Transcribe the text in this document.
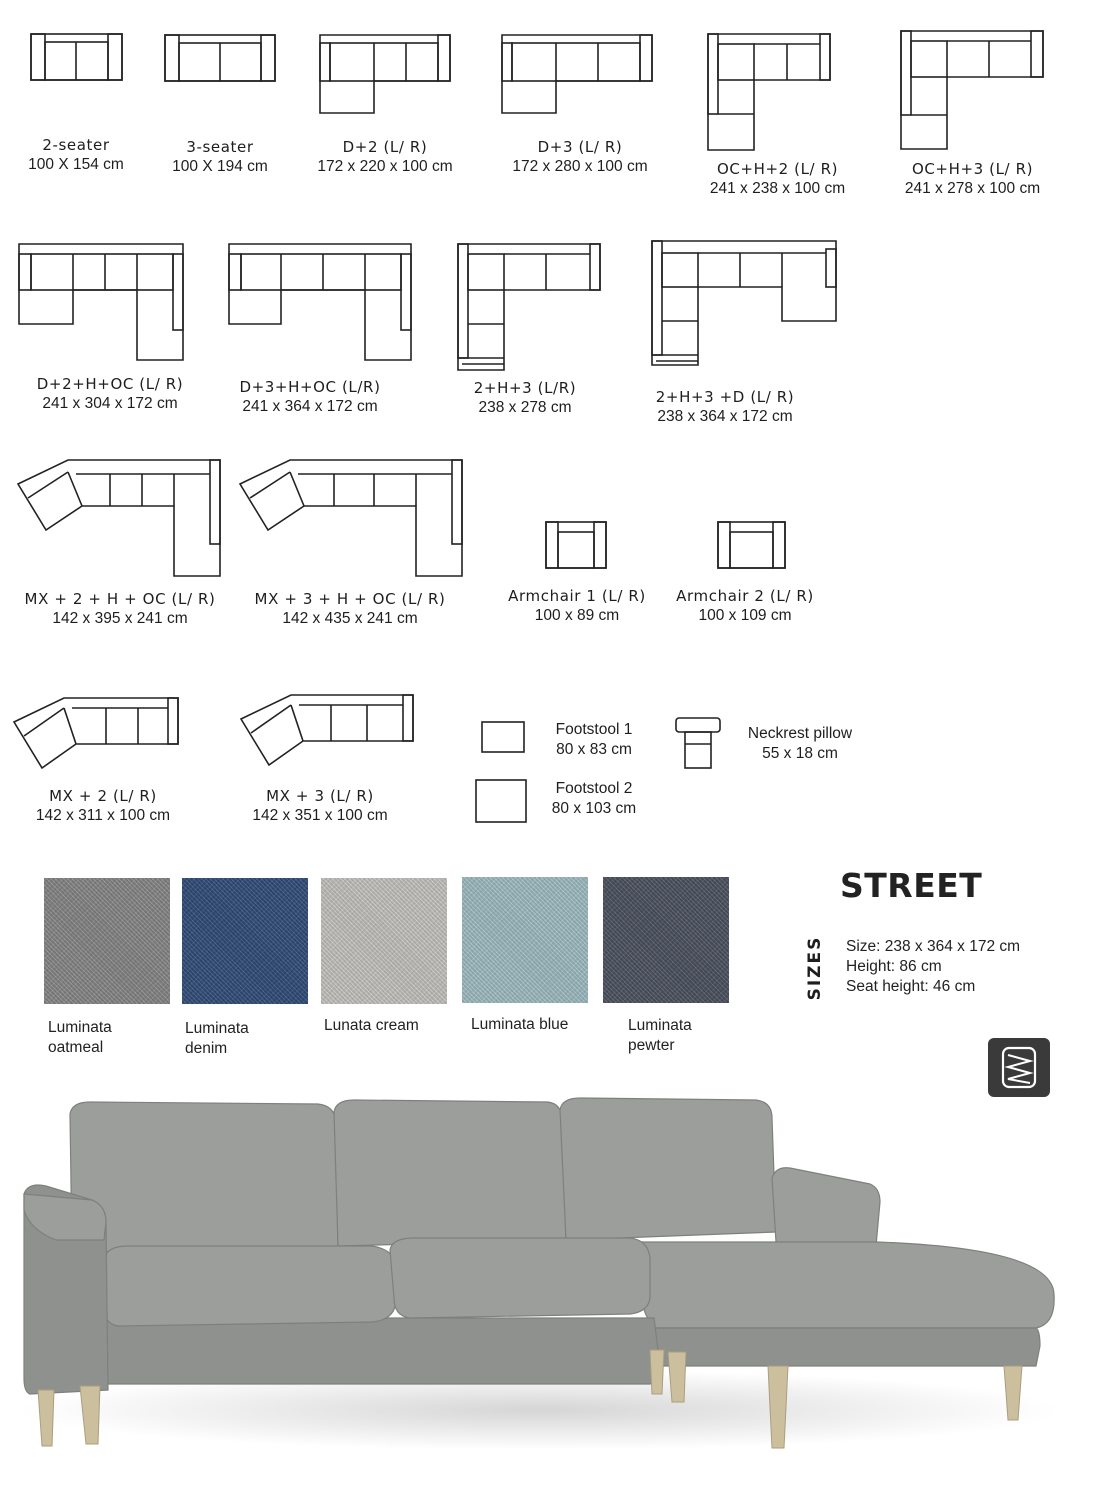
2-seater
100 X 154 cm
3-seater
100 X 194 cm
D+2 (L/ R)
172 x 220 x 100 cm
D+3 (L/ R)
172 x 280 x 100 cm	OC+H+2 (L/ R)
241 x 238 x 100 cm
OC+H+3 (L/ R)
241 x 278 x 100 cm
D+2+H+OC (L/ R)
241 x 304 x 172 cm
D+3+H+OC (L/R)
241 x 364 x 172 cm
2+H+3 (L/R)
238 x 278 cm
2+H+3 +D (L/ R)
238 x 364 x 172 cm
MX + 2 + H + OC (L/ R)
142 x 395 x 241 cm
MX + 3 + H + OC (L/ R)
142 x 435 x 241 cm
Armchair 1 (L/ R)
100 x 89 cm
Armchair 2 (L/ R)
100 x 109 cm
MX + 2 (L/ R)
142 x 311 x 100 cm
MX + 3 (L/ R)
142 x 351 x 100 cm
Footstool 1
80 x 83 cm
Footstool 2
80 x 103 cm
Neckrest pillow
55 x 18 cm
Luminata
oatmeal
Luminata
denim
Lunata cream	Luminata blue	Luminata
pewter
STREET
SIZES Size: 238 x 364 x 172 cm
Height: 86 cm
Seat height: 46 cm
